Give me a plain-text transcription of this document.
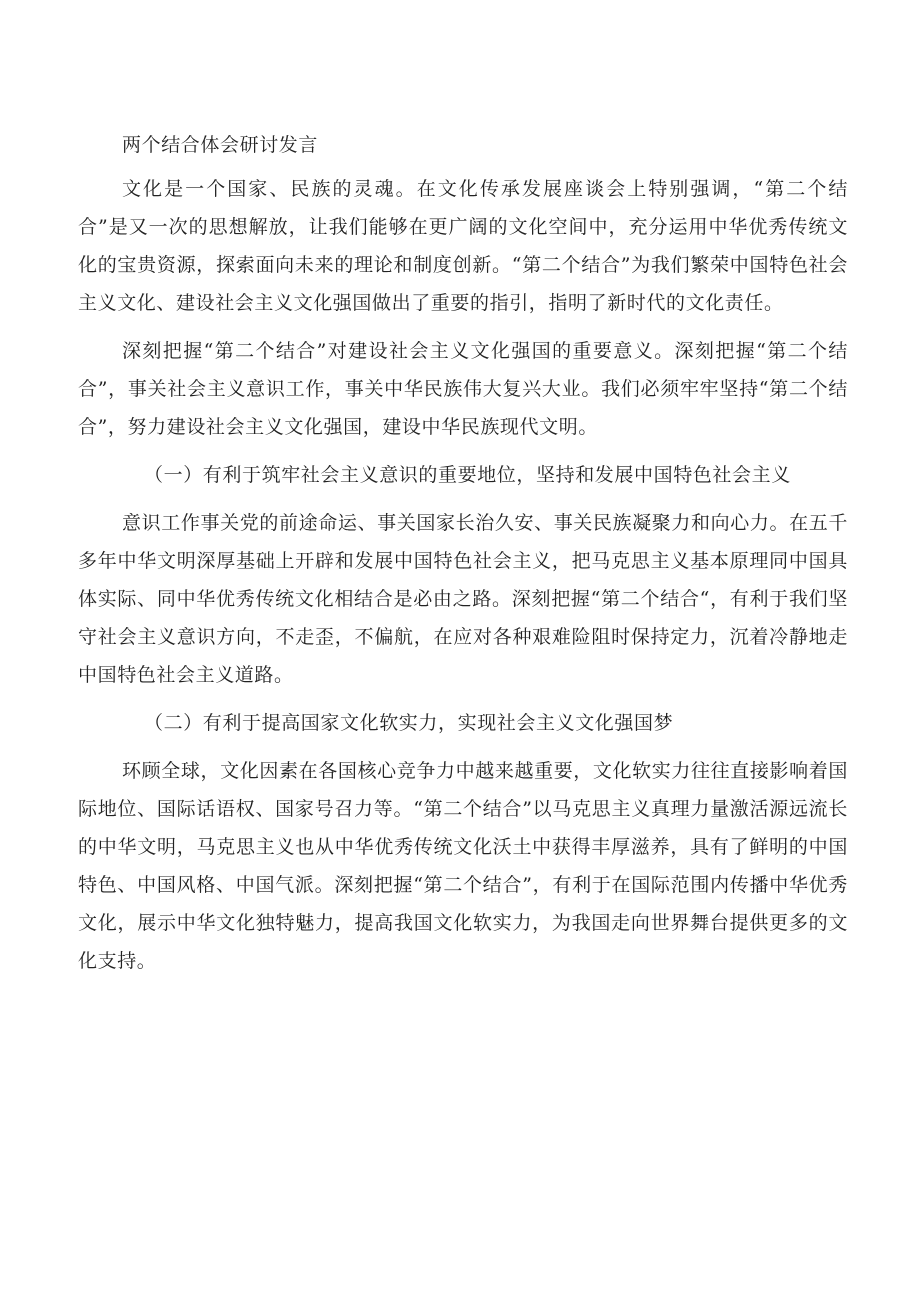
两个结合体会研讨发言

文化是一个国家、民族的灵魂。在文化传承发展座谈会上特别强调，“第二个结合”是又一次的思想解放，让我们能够在更广阔的文化空间中，充分运用中华优秀传统文化的宝贵资源，探索面向未来的理论和制度创新。“第二个结合”为我们繁荣中国特色社会主义文化、建设社会主义文化强国做出了重要的指引，指明了新时代的文化责任。

深刻把握“第二个结合”对建设社会主义文化强国的重要意义。深刻把握“第二个结合”，事关社会主义意识工作，事关中华民族伟大复兴大业。我们必须牢牢坚持“第二个结合”，努力建设社会主义文化强国，建设中华民族现代文明。

（一）有利于筑牢社会主义意识的重要地位，坚持和发展中国特色社会主义

意识工作事关党的前途命运、事关国家长治久安、事关民族凝聚力和向心力。在五千多年中华文明深厚基础上开辟和发展中国特色社会主义，把马克思主义基本原理同中国具体实际、同中华优秀传统文化相结合是必由之路。深刻把握“第二个结合“，有利于我们坚守社会主义意识方向，不走歪，不偏航，在应对各种艰难险阻时保持定力，沉着冷静地走中国特色社会主义道路。

（二）有利于提高国家文化软实力，实现社会主义文化强国梦

环顾全球，文化因素在各国核心竞争力中越来越重要，文化软实力往往直接影响着国际地位、国际话语权、国家号召力等。“第二个结合”以马克思主义真理力量激活源远流长的中华文明，马克思主义也从中华优秀传统文化沃土中获得丰厚滋养，具有了鲜明的中国特色、中国风格、中国气派。深刻把握“第二个结合”，有利于在国际范围内传播中华优秀文化，展示中华文化独特魅力，提高我国文化软实力，为我国走向世界舞台提供更多的文化支持。
